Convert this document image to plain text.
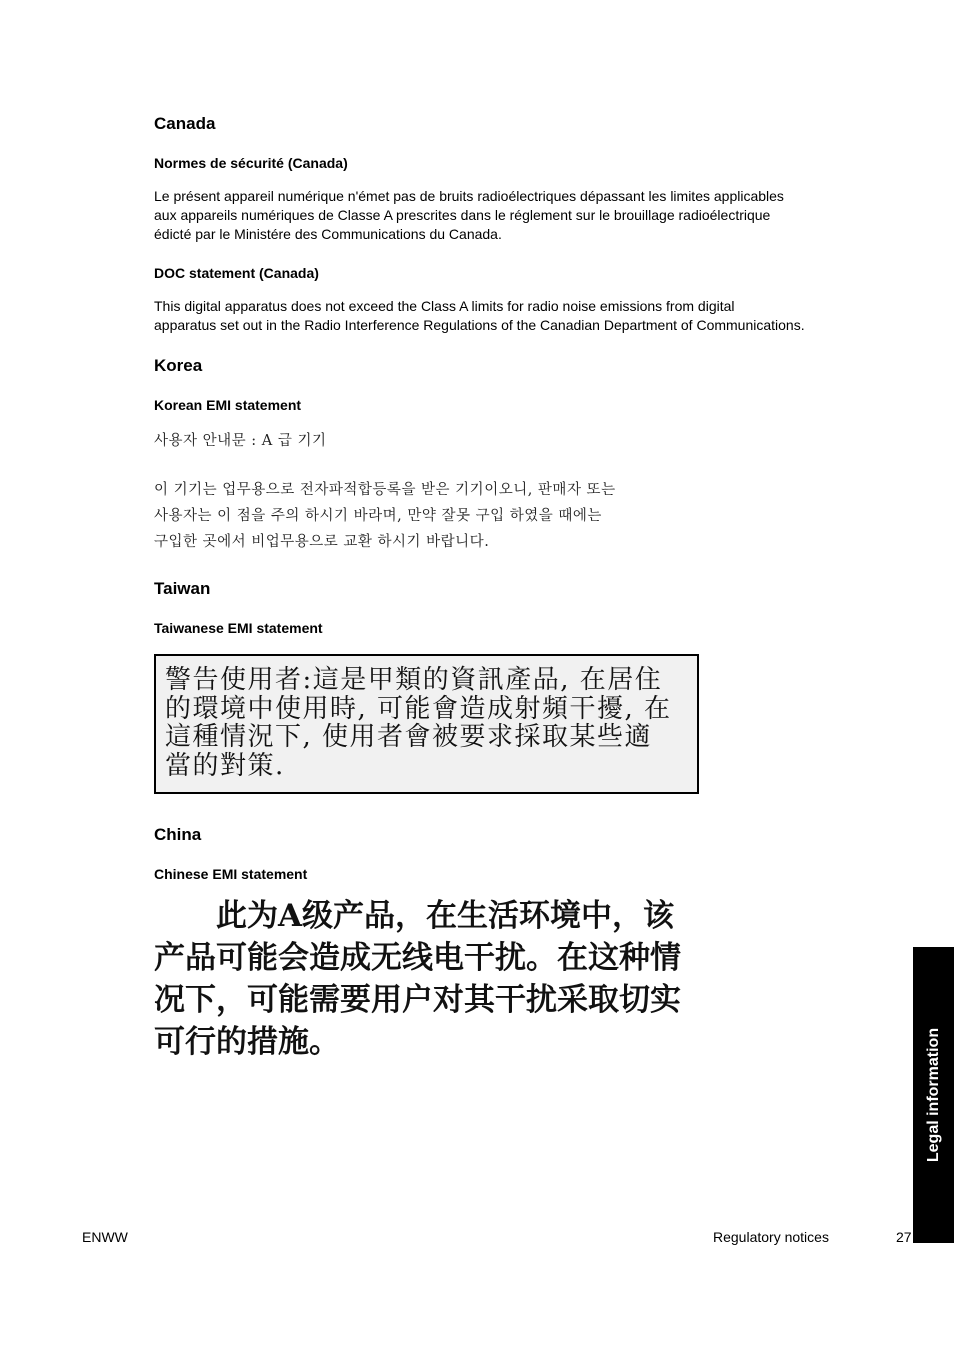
Canada
Normes de sécurité (Canada)
Le présent appareil numérique n'émet pas de bruits radioélectriques dépassant les limites applicables
aux appareils numériques de Classe A prescrites dans le réglement sur le brouillage radioélectrique
édicté par le Ministére des Communications du Canada.
DOC statement (Canada)
This digital apparatus does not exceed the Class A limits for radio noise emissions from digital
apparatus set out in the Radio Interference Regulations of the Canadian Department of Communications.
Korea
Korean EMI statement
사용자 안내문 : A 급 기기
이 기기는 업무용으로 전자파적합등록을 받은 기기이오니, 판매자 또는
사용자는 이 점을 주의 하시기 바라며, 만약 잘못 구입 하였을 때에는
구입한 곳에서 비업무용으로 교환 하시기 바랍니다.
Taiwan
Taiwanese EMI statement
警告使用者:這是甲類的資訊產品, 在居住
的環境中使用時, 可能會造成射頻干擾, 在
這種情況下, 使用者會被要求採取某些適
當的對策.
China
Chinese EMI statement
　　此为A级产品，在生活环境中，该
产品可能会造成无线电干扰。在这种情
况下，可能需要用户对其干扰采取切实
可行的措施。	Legal information
ENWW	Regulatory notices	27
